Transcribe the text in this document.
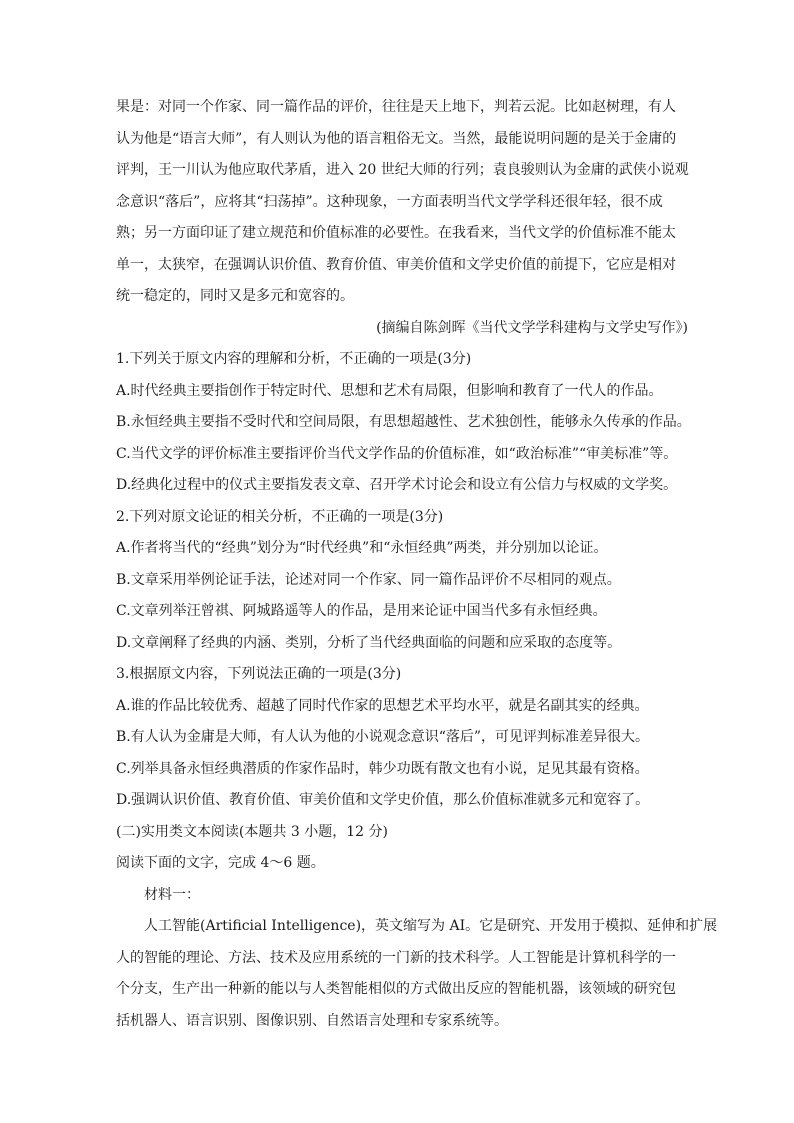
果是：对同一个作家、同一篇作品的评价，往往是天上地下，判若云泥。比如赵树理，有人
认为他是“语言大师”，有人则认为他的语言粗俗无文。当然，最能说明问题的是关于金庸的
评判，王一川认为他应取代茅盾，进入 20 世纪大师的行列；袁良骏则认为金庸的武侠小说观
念意识“落后”，应将其“扫荡掉”。这种现象，一方面表明当代文学学科还很年轻，很不成
熟；另一方面印证了建立规范和价值标准的必要性。在我看来，当代文学的价值标准不能太
单一，太狭窄，在强调认识价值、教育价值、审美价值和文学史价值的前提下，它应是相对
统一稳定的，同时又是多元和宽容的。
(摘编自陈剑晖《当代文学学科建构与文学史写作》)
1.下列关于原文内容的理解和分析，不正确的一项是(3分)
A.时代经典主要指创作于特定时代、思想和艺术有局限，但影响和教育了一代人的作品。
B.永恒经典主要指不受时代和空间局限，有思想超越性、艺术独创性，能够永久传承的作品。
C.当代文学的评价标准主要指评价当代文学作品的价值标准，如“政治标准”“审美标准”等。
D.经典化过程中的仪式主要指发表文章、召开学术讨论会和设立有公信力与权威的文学奖。
2.下列对原文论证的相关分析，不正确的一项是(3分)
A.作者将当代的“经典”划分为“时代经典”和“永恒经典”两类，并分别加以论证。
B.文章采用举例论证手法，论述对同一个作家、同一篇作品评价不尽相同的观点。
C.文章列举汪曾祺、阿城路遥等人的作品，是用来论证中国当代多有永恒经典。
D.文章阐释了经典的内涵、类别，分析了当代经典面临的问题和应采取的态度等。
3.根据原文内容，下列说法正确的一项是(3分)
A.谁的作品比较优秀、超越了同时代作家的思想艺术平均水平，就是名副其实的经典。
B.有人认为金庸是大师，有人认为他的小说观念意识“落后”，可见评判标准差异很大。
C.列举具备永恒经典潜质的作家作品时，韩少功既有散文也有小说，足见其最有资格。
D.强调认识价值、教育价值、审美价值和文学史价值，那么价值标准就多元和宽容了。
(二)实用类文本阅读(本题共 3 小题，12 分)
阅读下面的文字，完成 4～6 题。
材料一：
人工智能(Artificial Intelligence)，英文缩写为 AI。它是研究、开发用于模拟、延伸和扩展
人的智能的理论、方法、技术及应用系统的一门新的技术科学。人工智能是计算机科学的一
个分支，生产出一种新的能以与人类智能相似的方式做出反应的智能机器，该领域的研究包
括机器人、语言识别、图像识别、自然语言处理和专家系统等。
